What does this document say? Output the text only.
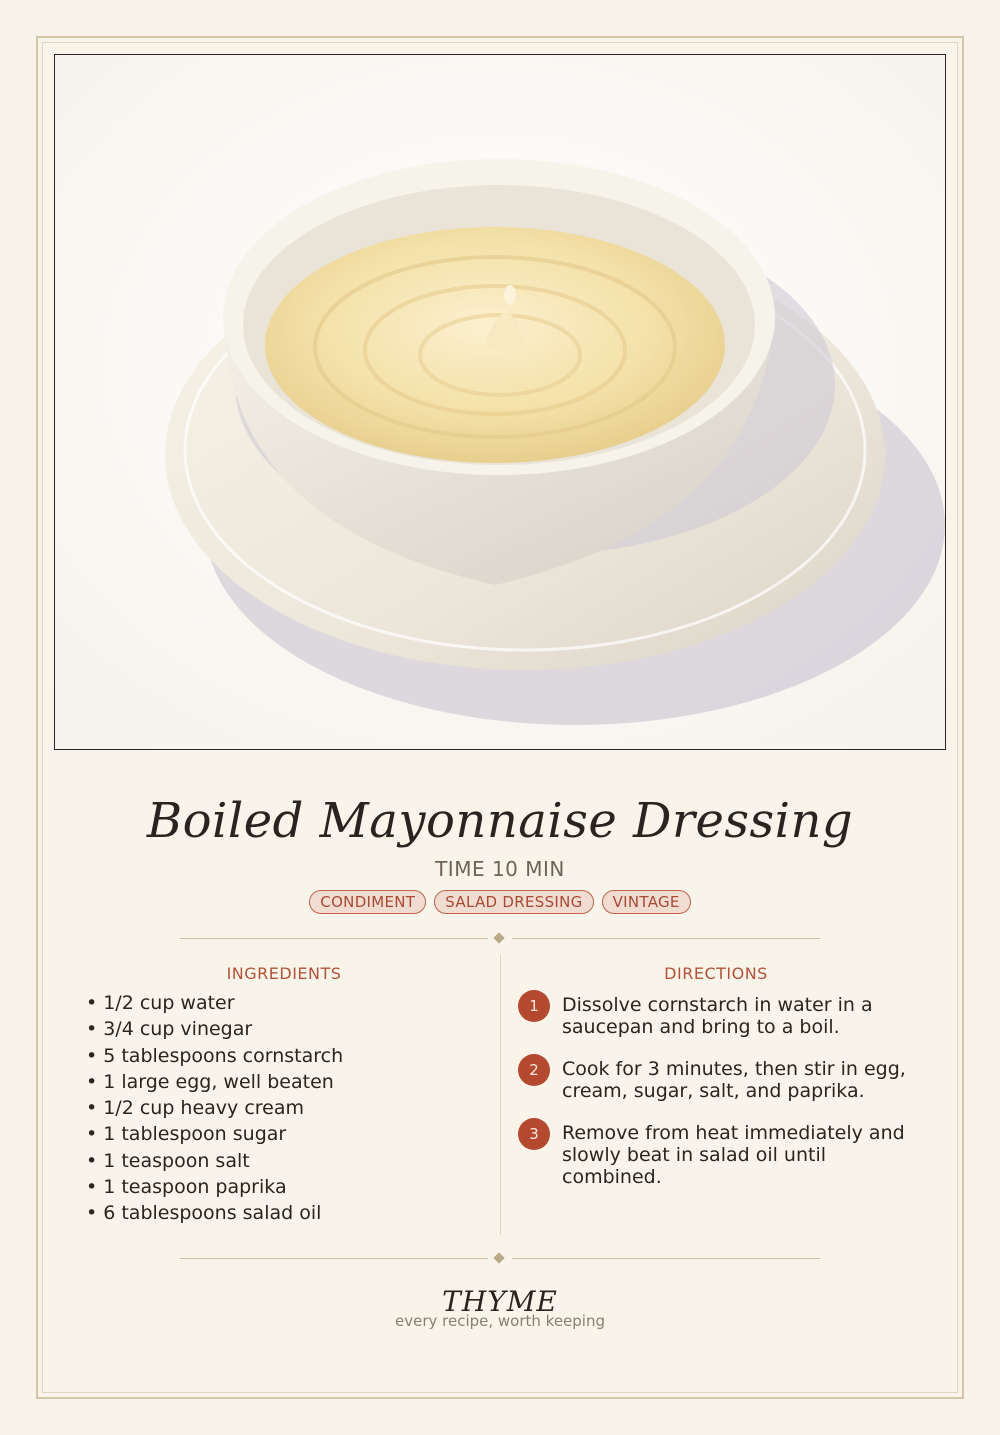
Boiled Mayonnaise Dressing
TIME 10 MIN
CONDIMENT	SALAD DRESSING	VINTAGE
INGREDIENTS
• 1/2 cup water
• 3/4 cup vinegar
• 5 tablespoons cornstarch
• 1 large egg, well beaten
• 1/2 cup heavy cream
• 1 tablespoon sugar
• 1 teaspoon salt
• 1 teaspoon paprika
• 6 tablespoons salad oil
DIRECTIONS
1	Dissolve cornstarch in water in a saucepan and bring to a boil.
2	Cook for 3 minutes, then stir in egg, cream, sugar, salt, and paprika.
3	Remove from heat immediately and slowly beat in salad oil until combined.
THYME
every recipe, worth keeping
